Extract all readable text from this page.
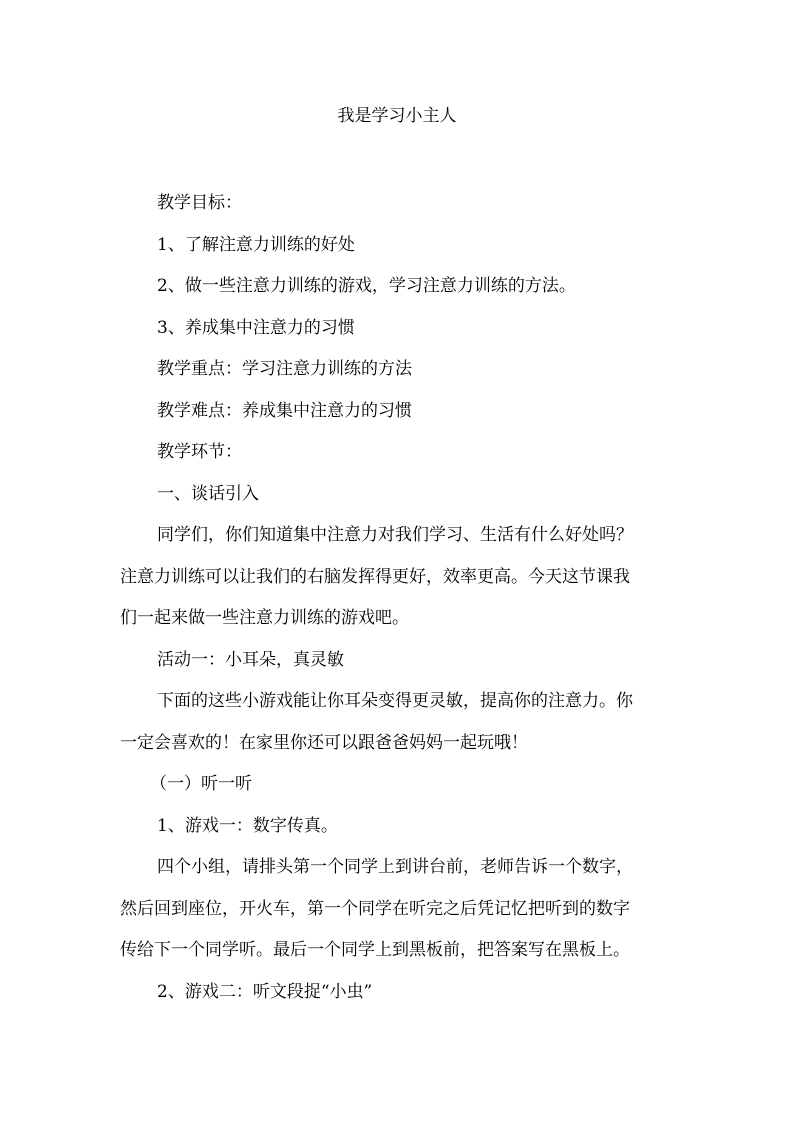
我是学习小主人
教学目标：
1、了解注意力训练的好处
2、做一些注意力训练的游戏，学习注意力训练的方法。
3、养成集中注意力的习惯
教学重点：学习注意力训练的方法
教学难点：养成集中注意力的习惯
教学环节：
一、谈话引入
同学们，你们知道集中注意力对我们学习、生活有什么好处吗？
注意力训练可以让我们的右脑发挥得更好，效率更高。今天这节课我
们一起来做一些注意力训练的游戏吧。
活动一：小耳朵，真灵敏
下面的这些小游戏能让你耳朵变得更灵敏，提高你的注意力。你
一定会喜欢的！在家里你还可以跟爸爸妈妈一起玩哦！
（一）听一听
1、游戏一：数字传真。
四个小组，请排头第一个同学上到讲台前，老师告诉一个数字，
然后回到座位，开火车，第一个同学在听完之后凭记忆把听到的数字
传给下一个同学听。最后一个同学上到黑板前，把答案写在黑板上。
2、游戏二：听文段捉“小虫”
